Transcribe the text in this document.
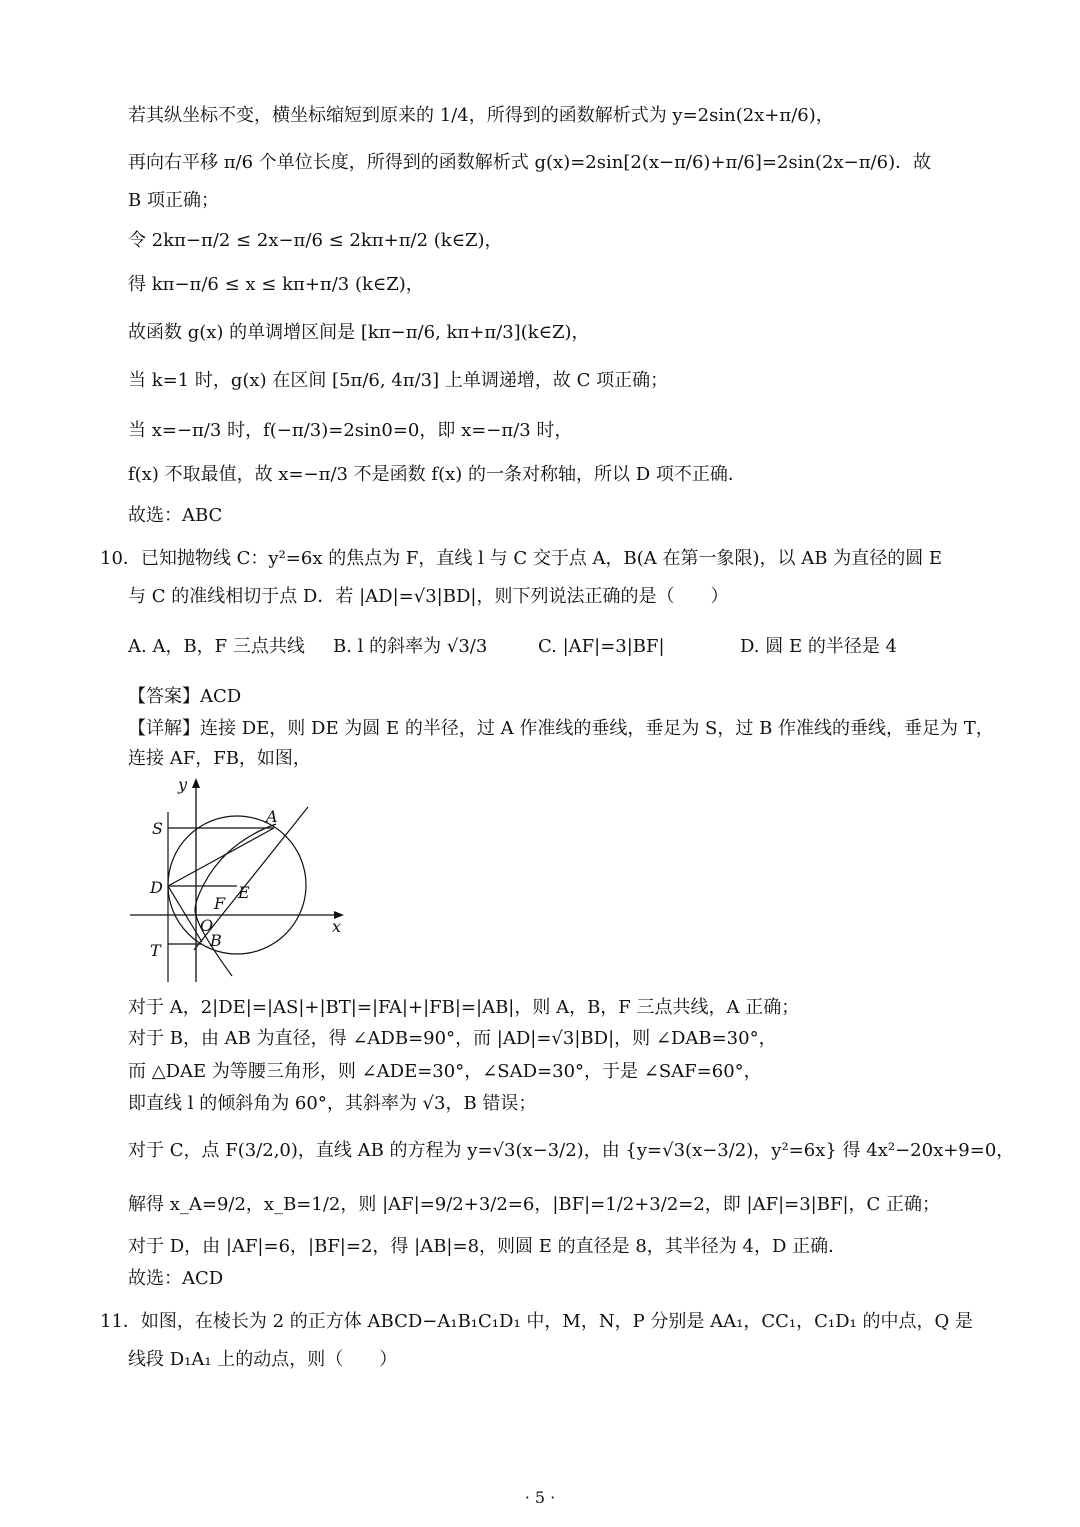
若其纵坐标不变，横坐标缩短到原来的 1/4，所得到的函数解析式为 y=2sin(2x+π/6)，
再向右平移 π/6 个单位长度，所得到的函数解析式 g(x)=2sin[2(x−π/6)+π/6]=2sin(2x−π/6)．故
B 项正确；
令 2kπ−π/2 ≤ 2x−π/6 ≤ 2kπ+π/2 (k∈Z)，
得 kπ−π/6 ≤ x ≤ kπ+π/3 (k∈Z)，
故函数 g(x) 的单调增区间是 [kπ−π/6, kπ+π/3](k∈Z)，
当 k=1 时，g(x) 在区间 [5π/6, 4π/3] 上单调递增，故 C 项正确；
当 x=−π/3 时，f(−π/3)=2sin0=0，即 x=−π/3 时，
f(x) 不取最值，故 x=−π/3 不是函数 f(x) 的一条对称轴，所以 D 项不正确．
故选：ABC
10．已知抛物线 C：y²=6x 的焦点为 F，直线 l 与 C 交于点 A，B(A 在第一象限)，以 AB 为直径的圆 E
与 C 的准线相切于点 D．若 |AD|=√3|BD|，则下列说法正确的是（　　）
A. A，B，F 三点共线 B. l 的斜率为 √3/3	C. |AF|=3|BF|	D. 圆 E 的半径是 4
【答案】ACD
【详解】连接 DE，则 DE 为圆 E 的半径，过 A 作准线的垂线，垂足为 S，过 B 作准线的垂线，垂足为 T，
连接 AF，FB，如图，
y
x
A
S
D	E
F
O
B
T
对于 A，2|DE|=|AS|+|BT|=|FA|+|FB|=|AB|，则 A，B，F 三点共线，A 正确；
对于 B，由 AB 为直径，得 ∠ADB=90°，而 |AD|=√3|BD|，则 ∠DAB=30°，
而 △DAE 为等腰三角形，则 ∠ADE=30°，∠SAD=30°，于是 ∠SAF=60°，
即直线 l 的倾斜角为 60°，其斜率为 √3，B 错误；
对于 C，点 F(3/2,0)，直线 AB 的方程为 y=√3(x−3/2)，由 {y=√3(x−3/2)，y²=6x} 得 4x²−20x+9=0，
解得 x_A=9/2，x_B=1/2，则 |AF|=9/2+3/2=6，|BF|=1/2+3/2=2，即 |AF|=3|BF|，C 正确；
对于 D，由 |AF|=6，|BF|=2，得 |AB|=8，则圆 E 的直径是 8，其半径为 4，D 正确．
故选：ACD
11．如图，在棱长为 2 的正方体 ABCD−A₁B₁C₁D₁ 中，M，N，P 分别是 AA₁，CC₁，C₁D₁ 的中点，Q 是
线段 D₁A₁ 上的动点，则（　　）
· 5 ·
